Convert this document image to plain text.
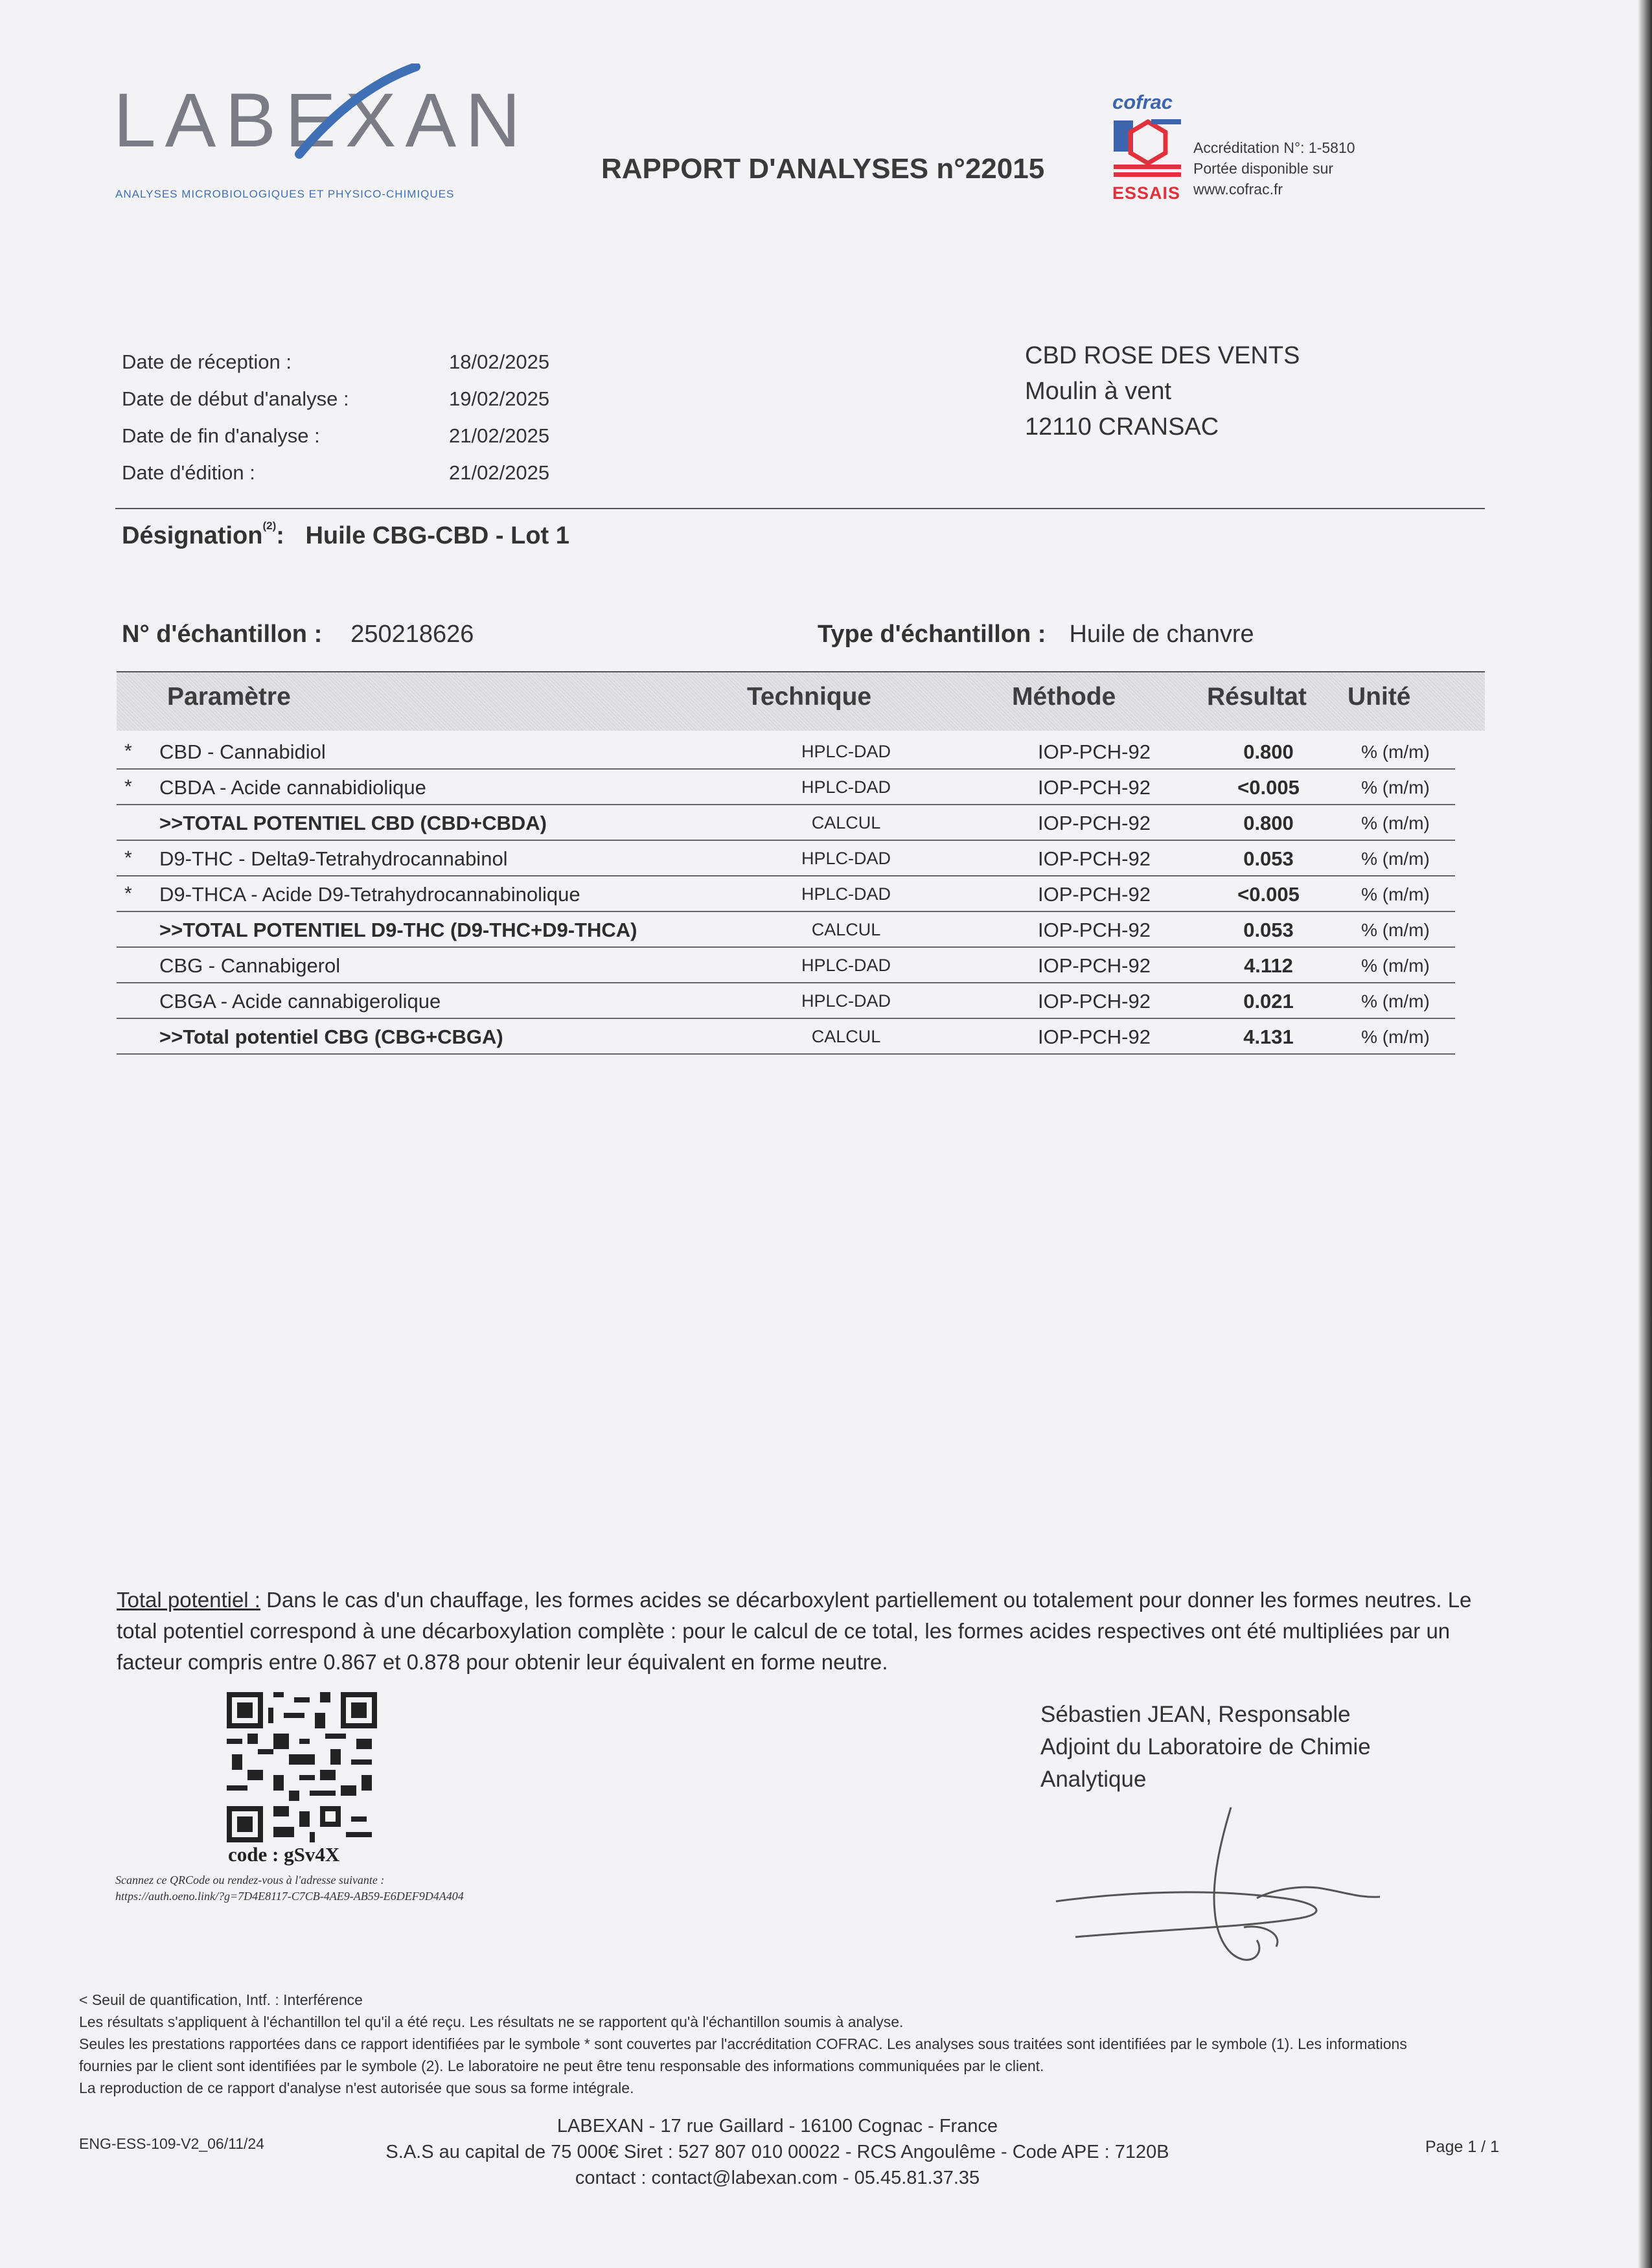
LABEXAN
ANALYSES MICROBIOLOGIQUES ET PHYSICO-CHIMIQUES
RAPPORT D'ANALYSES n°22015
cofrac
ESSAIS
Accréditation N°: 1-5810
Portée disponible sur
www.cofrac.fr
Date de réception :	18/02/2025
Date de début d'analyse :	19/02/2025
Date de fin d'analyse :	21/02/2025
Date d'édition :	21/02/2025
CBD ROSE DES VENTS
Moulin à vent
12110 CRANSAC
Désignation$^{(2)}$: Huile CBG-CBD - Lot 1
N° d'échantillon : 250218626	Type d'échantillon : Huile de chanvre
Paramètre	Technique	Méthode	Résultat Unité
* CBD - Cannabidiol	HPLC-DAD	IOP-PCH-92	0.800	% (m/m)
* CBDA - Acide cannabidiolique	HPLC-DAD	IOP-PCH-92	<0.005	% (m/m)
>>TOTAL POTENTIEL CBD (CBD+CBDA)	CALCUL	IOP-PCH-92	0.800	% (m/m)
* D9-THC - Delta9-Tetrahydrocannabinol	HPLC-DAD	IOP-PCH-92	0.053	% (m/m)
* D9-THCA - Acide D9-Tetrahydrocannabinolique	HPLC-DAD	IOP-PCH-92	<0.005	% (m/m)
>>TOTAL POTENTIEL D9-THC (D9-THC+D9-THCA)	CALCUL	IOP-PCH-92	0.053	% (m/m)
CBG - Cannabigerol	HPLC-DAD	IOP-PCH-92	4.112	% (m/m)
CBGA - Acide cannabigerolique	HPLC-DAD	IOP-PCH-92	0.021	% (m/m)
>>Total potentiel CBG (CBG+CBGA)	CALCUL	IOP-PCH-92	4.131	% (m/m)
Total potentiel : Dans le cas d'un chauffage, les formes acides se décarboxylent partiellement ou totalement pour donner les formes neutres. Le total potentiel correspond à une décarboxylation complète : pour le calcul de ce total, les formes acides respectives ont été multipliées par un facteur compris entre 0.867 et 0.878 pour obtenir leur équivalent en forme neutre.
code : gSv4X
Scannez ce QRCode ou rendez-vous à l'adresse suivante :
https://auth.oeno.link/?g=7D4E8117-C7CB-4AE9-AB59-E6DEF9D4A404
Sébastien JEAN, Responsable
Adjoint du Laboratoire de Chimie
Analytique
< Seuil de quantification, Intf. : Interférence
Les résultats s'appliquent à l'échantillon tel qu'il a été reçu. Les résultats ne se rapportent qu'à l'échantillon soumis à analyse.
Seules les prestations rapportées dans ce rapport identifiées par le symbole * sont couvertes par l'accréditation COFRAC. Les analyses sous traitées sont identifiées par le symbole (1). Les informations
fournies par le client sont identifiées par le symbole (2). Le laboratoire ne peut être tenu responsable des informations communiquées par le client.
La reproduction de ce rapport d'analyse n'est autorisée que sous sa forme intégrale.
ENG-ESS-109-V2_06/11/24
LABEXAN - 17 rue Gaillard - 16100 Cognac - France
S.A.S au capital de 75 000€ Siret : 527 807 010 00022 - RCS Angoulême - Code APE : 7120B
contact : contact@labexan.com - 05.45.81.37.35
Page 1 / 1
